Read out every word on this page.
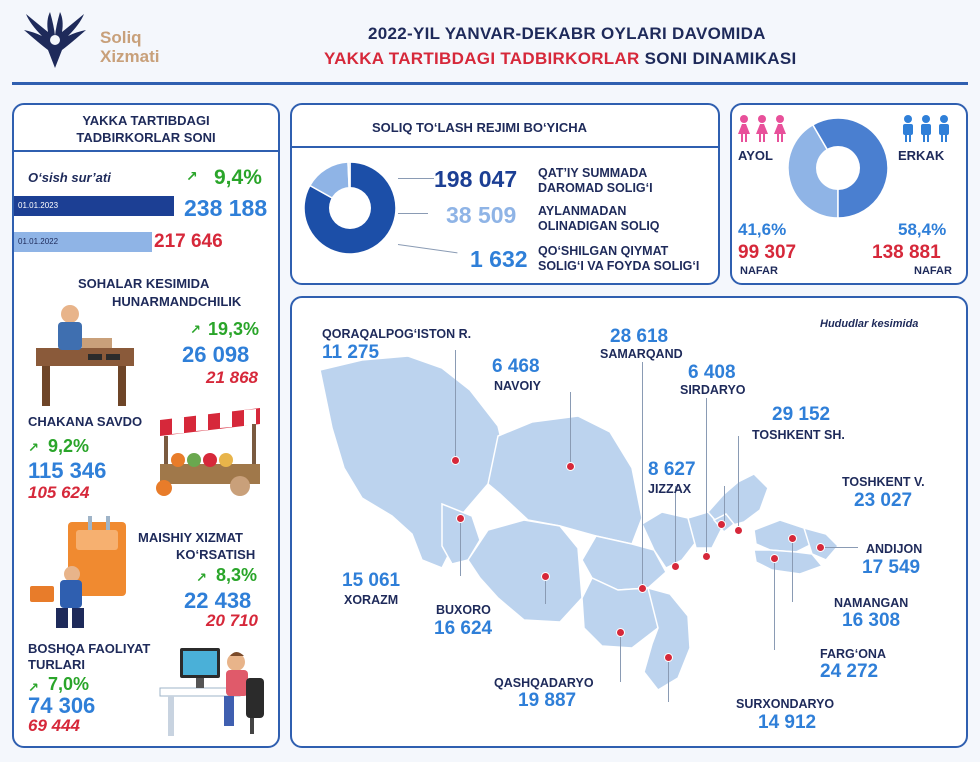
Soliq
Xizmati
2022-YIL YANVAR-DEKABR OYLARI DAVOMIDA
YAKKA TARTIBDAGI TADBIRKORLAR SONI DINAMIKASI
YAKKA TARTIBDAGI TADBIRKORLAR SONI
O‘sish sur’ati	↗ 9,4%
01.01.2023	238 188
01.01.2022	217 646
SOHALAR KESIMIDA
HUNARMANDCHILIK
↗ 19,3%
26 098
21 868
CHAKANA SAVDO
↗ 9,2%
115 346
105 624
MAISHIY XIZMAT
KO‘RSATISH
↗ 8,3%
22 438
20 710
BOSHQA FAOLIYAT
TURLARI
↗ 7,0%
74 306
69 444
SOLIQ TO‘LASH REJIMI BO‘YICHA
198 047 QAT’IY SUMMADA
DAROMAD SOLIG‘I
38 509 AYLANMADAN
OLINADIGAN SOLIQ
1 632 QO‘SHILGAN QIYMAT
SOLIG‘I VA FOYDA SOLIG‘I
AYOL	ERKAK
41,6%	58,4%
99 307	138 881
NAFAR	NAFAR
Hududlar kesimida
QORAQALPOG‘ISTON R.
11 275
6 468
NAVOIY
28 618
SAMARQAND
6 408
SIRDARYO
29 152
TOSHKENT SH.
8 627
JIZZAX	TOSHKENT V.
23 027
ANDIJON
17 549
15 061
XORAZM
BUXORO
16 624
NAMANGAN
16 308
FARG‘ONA
24 272
QASHQADARYO
19 887	SURXONDARYO
14 912
